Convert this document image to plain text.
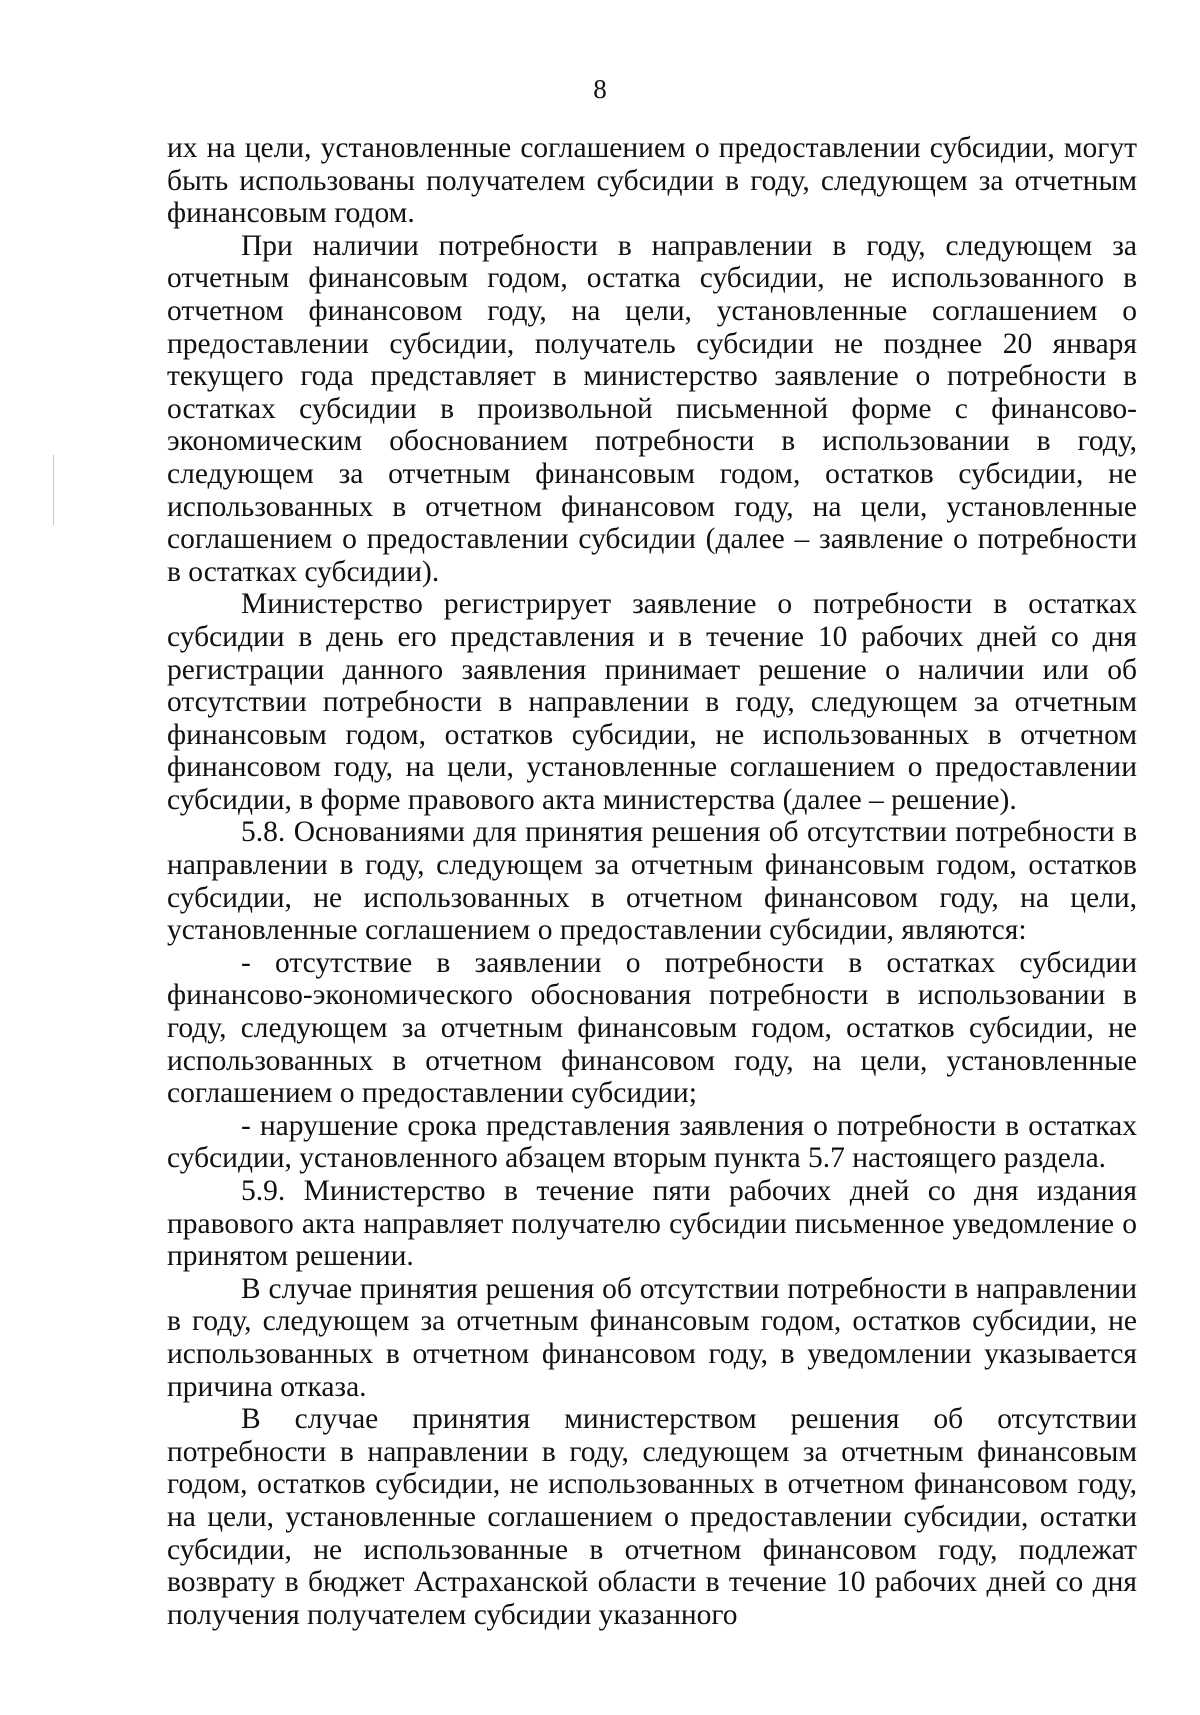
8

их на цели, установленные соглашением о предоставлении субсидии, могут быть использованы получателем субсидии в году, следующем за отчетным финансовым годом.

При наличии потребности в направлении в году, следующем за отчетным финансовым годом, остатка субсидии, не использованного в отчетном финансовом году, на цели, установленные соглашением о предоставлении субсидии, получатель субсидии не позднее 20 января текущего года представляет в министерство заявление о потребности в остатках субсидии в произвольной письменной форме с финансово-экономическим обоснованием потребности в использовании в году, следующем за отчетным финансовым годом, остатков субсидии, не использованных в отчетном финансовом году, на цели, установленные соглашением о предоставлении субсидии (далее – заявление о потребности в остатках субсидии).

Министерство регистрирует заявление о потребности в остатках субсидии в день его представления и в течение 10 рабочих дней со дня регистрации данного заявления принимает решение о наличии или об отсутствии потребности в направлении в году, следующем за отчетным финансовым годом, остатков субсидии, не использованных в отчетном финансовом году, на цели, установленные соглашением о предоставлении субсидии, в форме правового акта министерства (далее – решение).

5.8. Основаниями для принятия решения об отсутствии потребности в направлении в году, следующем за отчетным финансовым годом, остатков субсидии, не использованных в отчетном финансовом году, на цели, установленные соглашением о предоставлении субсидии, являются:

- отсутствие в заявлении о потребности в остатках субсидии финансово-экономического обоснования потребности в использовании в году, следующем за отчетным финансовым годом, остатков субсидии, не использованных в отчетном финансовом году, на цели, установленные соглашением о предоставлении субсидии;

- нарушение срока представления заявления о потребности в остатках субсидии, установленного абзацем вторым пункта 5.7 настоящего раздела.

5.9. Министерство в течение пяти рабочих дней со дня издания правового акта направляет получателю субсидии письменное уведомление о принятом решении.

В случае принятия решения об отсутствии потребности в направлении в году, следующем за отчетным финансовым годом, остатков субсидии, не использованных в отчетном финансовом году, в уведомлении указывается причина отказа.

В случае принятия министерством решения об отсутствии потребности в направлении в году, следующем за отчетным финансовым годом, остатков субсидии, не использованных в отчетном финансовом году, на цели, установленные соглашением о предоставлении субсидии, остатки субсидии, не использованные в отчетном финансовом году, подлежат возврату в бюджет Астраханской области в течение 10 рабочих дней со дня получения получателем субсидии указанного
